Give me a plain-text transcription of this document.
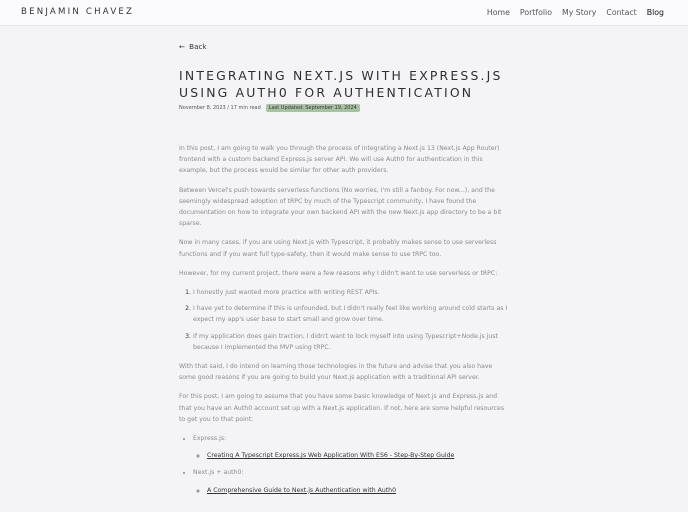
BENJAMIN CHAVEZ	Home Portfolio My Story Contact Blog
← Back
INTEGRATING NEXT.JS WITH EXPRESS.JS USING AUTH0 FOR AUTHENTICATION
November 8, 2023 / 17 min read	Last Updated: September 19, 2024

In this post, I am going to walk you through the process of integrating a Next.js 13 (Next.js App Router) frontend with a custom backend Express.js server API. We will use Auth0 for authentication in this example, but the process would be similar for other auth providers.

Between Vercel's push towards serverless functions (No worries, I'm still a fanboy. For now...), and the seemingly widespread adoption of tRPC by much of the Typescript community, I have found the documentation on how to integrate your own backend API with the new Next.js app directory to be a bit sparse.

Now in many cases, if you are using Next.js with Typescript, it probably makes sense to use serverless functions and if you want full type-safety, then it would make sense to use tRPC too.

However, for my current project, there were a few reasons why I didn't want to use serverless or tRPC:

1. I honestly just wanted more practice with writing REST APIs.
2. I have yet to determine if this is unfounded, but I didn't really feel like working around cold starts as I expect my app's user base to start small and grow over time.
3. If my application does gain traction, I didn't want to lock myself into using Typescript+Node.js just because I implemented the MVP using tRPC.

With that said, I do intend on learning those technologies in the future and advise that you also have some good reasons if you are going to build your Next.js application with a traditional API server.

For this post, I am going to assume that you have some basic knowledge of Next.js and Express.js and that you have an Auth0 account set up with a Next.js application. If not, here are some helpful resources to get you to that point:

• Express.js:
◦ Creating A Typescript Express.Js Web Application With ES6 - Step-By-Step Guide
• Next.js + auth0:
◦ A Comprehensive Guide to Next.js Authentication with Auth0
